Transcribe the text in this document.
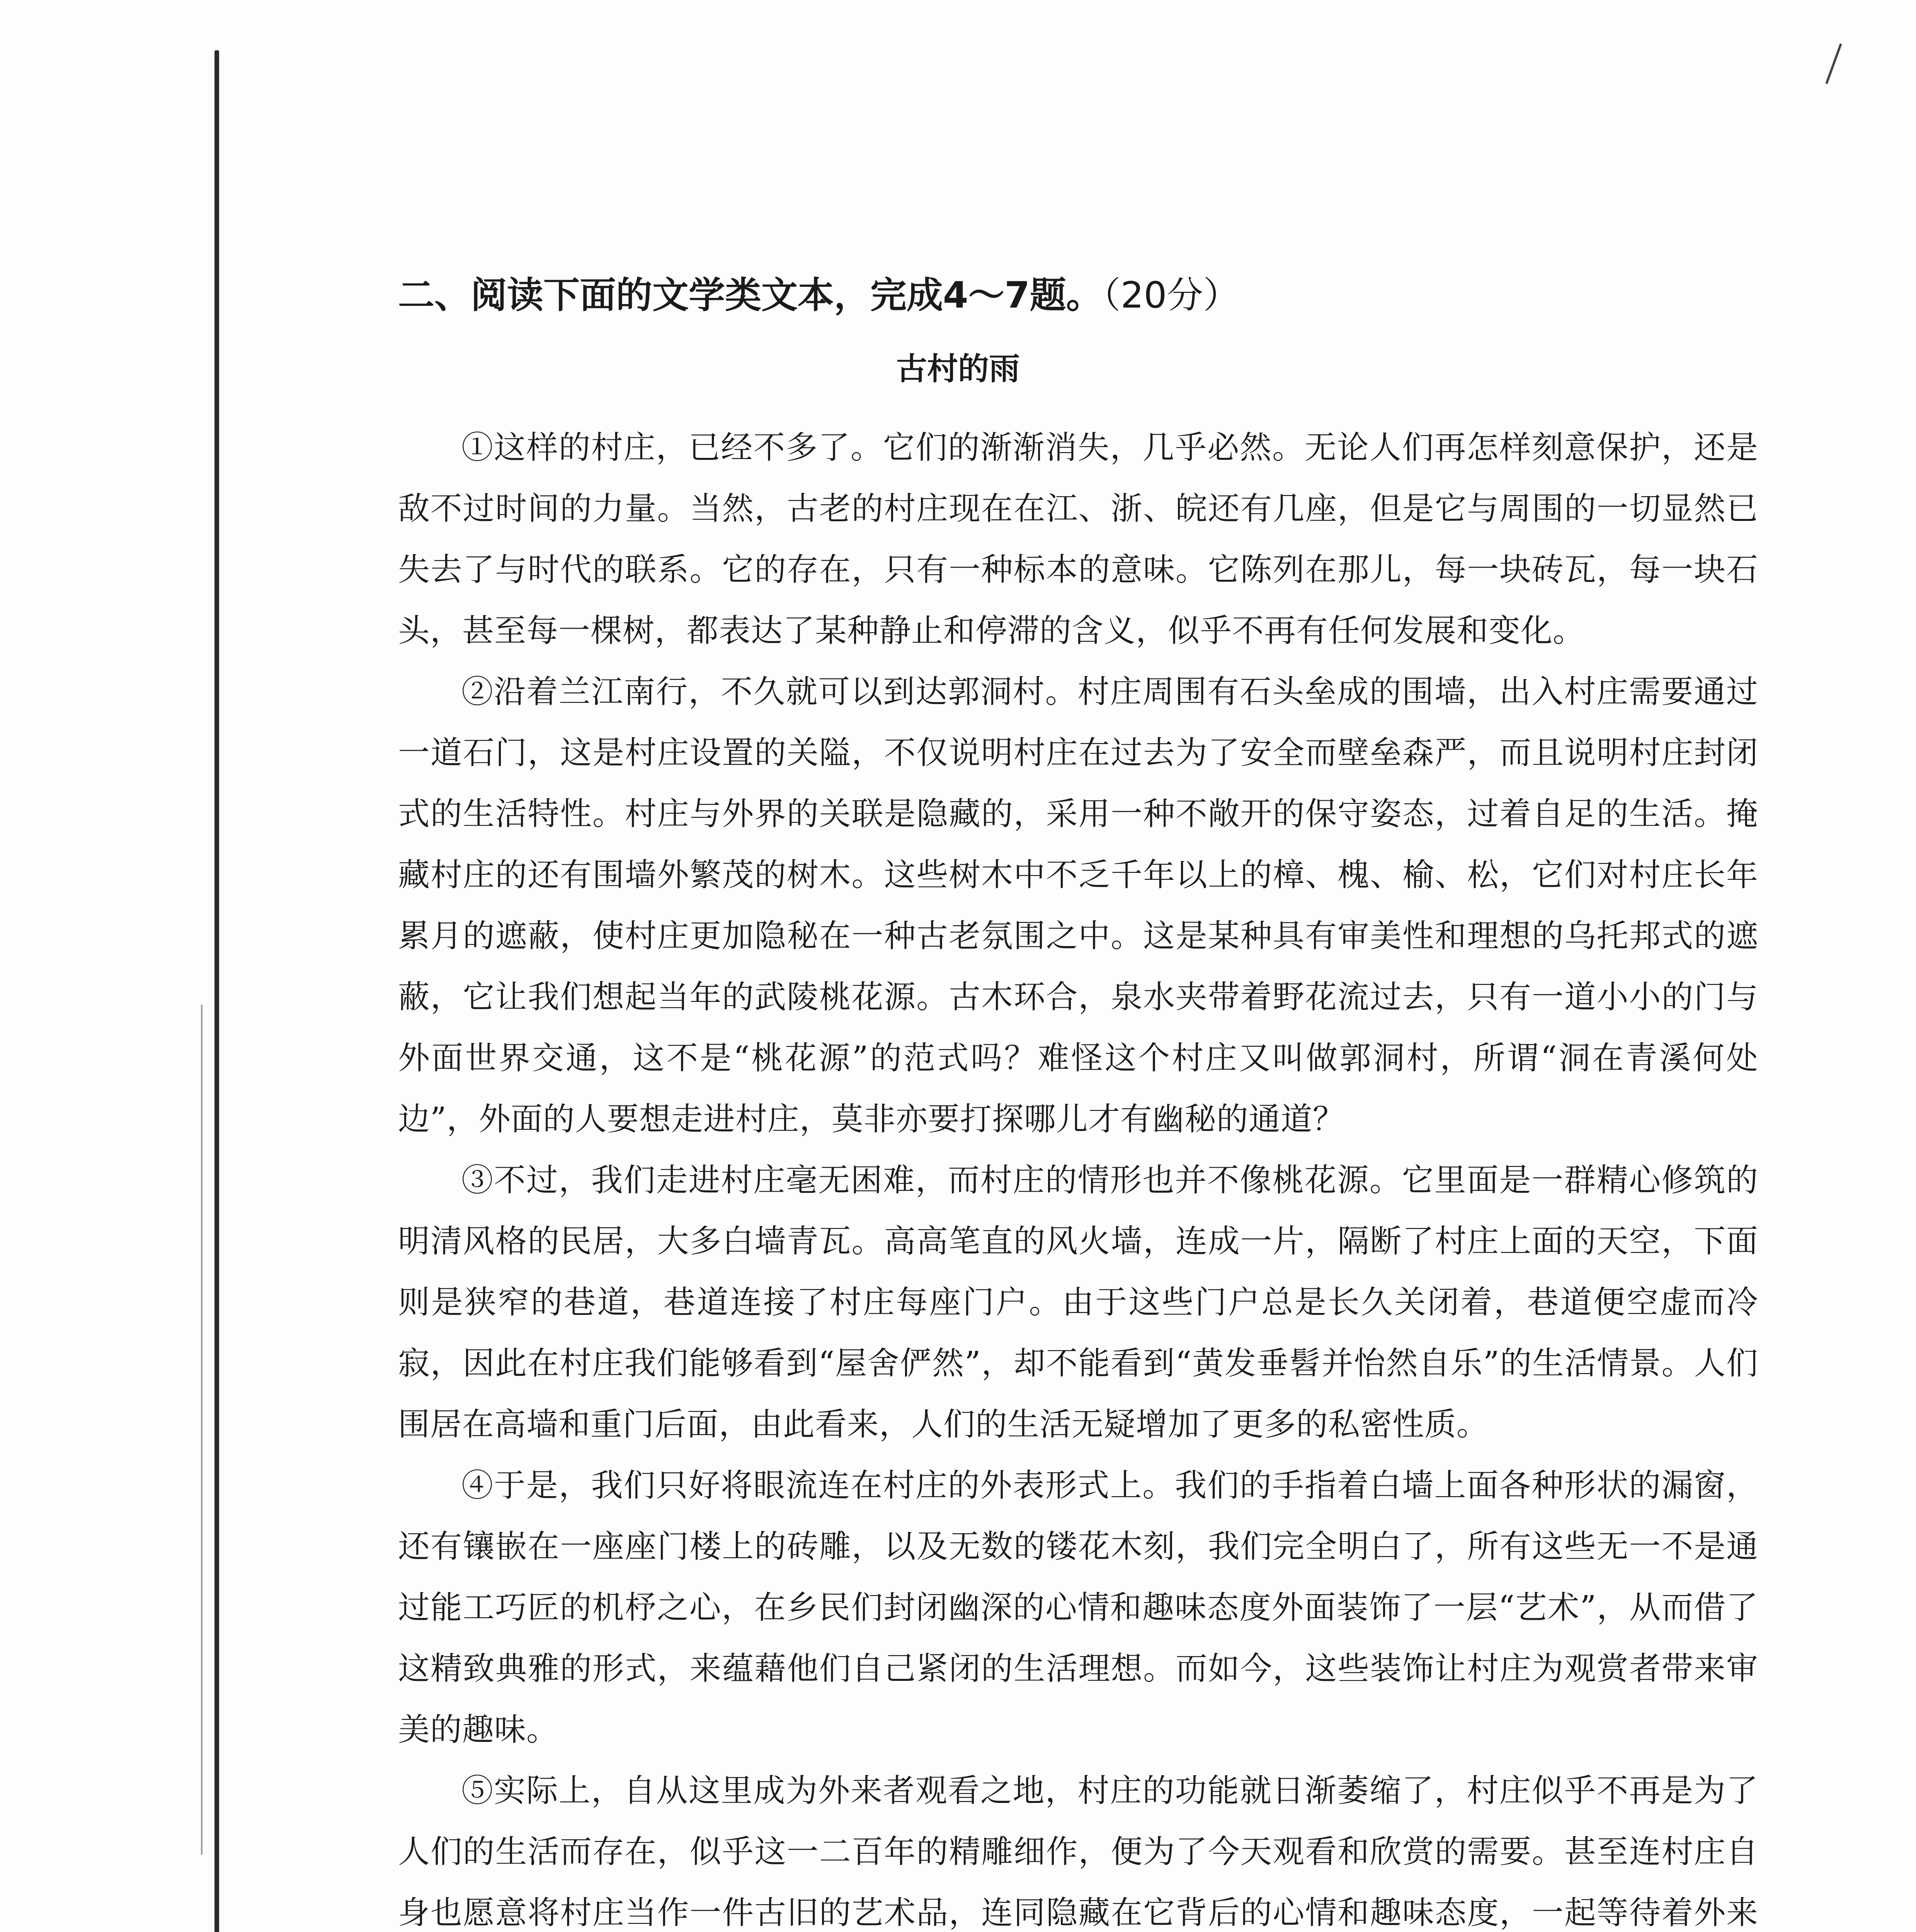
二、阅读下面的文学类文本，完成4～7题。（20分）
古村的雨

①这样的村庄，已经不多了。它们的渐渐消失，几乎必然。无论人们再怎样刻意保护，还是敌不过时间的力量。当然，古老的村庄现在在江、浙、皖还有几座，但是它与周围的一切显然已失去了与时代的联系。它的存在，只有一种标本的意味。它陈列在那儿，每一块砖瓦，每一块石头，甚至每一棵树，都表达了某种静止和停滞的含义，似乎不再有任何发展和变化。

②沿着兰江南行，不久就可以到达郭洞村。村庄周围有石头垒成的围墙，出入村庄需要通过一道石门，这是村庄设置的关隘，不仅说明村庄在过去为了安全而壁垒森严，而且说明村庄封闭式的生活特性。村庄与外界的关联是隐藏的，采用一种不敞开的保守姿态，过着自足的生活。掩藏村庄的还有围墙外繁茂的树木。这些树木中不乏千年以上的樟、槐、榆、松，它们对村庄长年累月的遮蔽，使村庄更加隐秘在一种古老氛围之中。这是某种具有审美性和理想的乌托邦式的遮蔽，它让我们想起当年的武陵桃花源。古木环合，泉水夹带着野花流过去，只有一道小小的门与外面世界交通，这不是“桃花源”的范式吗？难怪这个村庄又叫做郭洞村，所谓“洞在青溪何处边”，外面的人要想走进村庄，莫非亦要打探哪儿才有幽秘的通道？

③不过，我们走进村庄毫无困难，而村庄的情形也并不像桃花源。它里面是一群精心修筑的明清风格的民居，大多白墙青瓦。高高笔直的风火墙，连成一片，隔断了村庄上面的天空，下面则是狭窄的巷道，巷道连接了村庄每座门户。由于这些门户总是长久关闭着，巷道便空虚而冷寂，因此在村庄我们能够看到“屋舍俨然”，却不能看到“黄发垂髫并怡然自乐”的生活情景。人们围居在高墙和重门后面，由此看来，人们的生活无疑增加了更多的私密性质。

④于是，我们只好将眼流连在村庄的外表形式上。我们的手指着白墙上面各种形状的漏窗，还有镶嵌在一座座门楼上的砖雕，以及无数的镂花木刻，我们完全明白了，所有这些无一不是通过能工巧匠的机杼之心，在乡民们封闭幽深的心情和趣味态度外面装饰了一层“艺术”，从而借了这精致典雅的形式，来蕴藉他们自己紧闭的生活理想。而如今，这些装饰让村庄为观赏者带来审美的趣味。

⑤实际上，自从这里成为外来者观看之地，村庄的功能就日渐萎缩了，村庄似乎不再是为了人们的生活而存在，似乎这一二百年的精雕细作，便为了今天观看和欣赏的需要。甚至连村庄自身也愿意将村庄当作一件古旧的艺术品，连同隐藏在它背后的心情和趣味态度，一起等待着外来
